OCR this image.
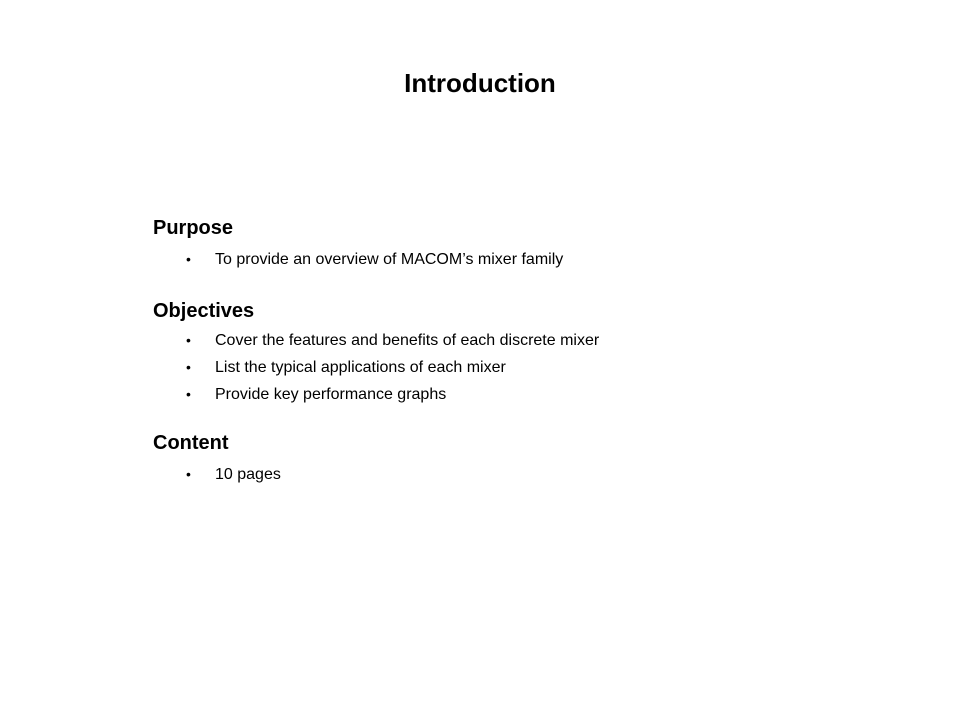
Introduction
Purpose
•	To provide an overview of MACOM’s mixer family
Objectives
•	Cover the features and benefits of each discrete mixer
•	List the typical applications of each mixer
•	Provide key performance graphs
Content
•	10 pages
